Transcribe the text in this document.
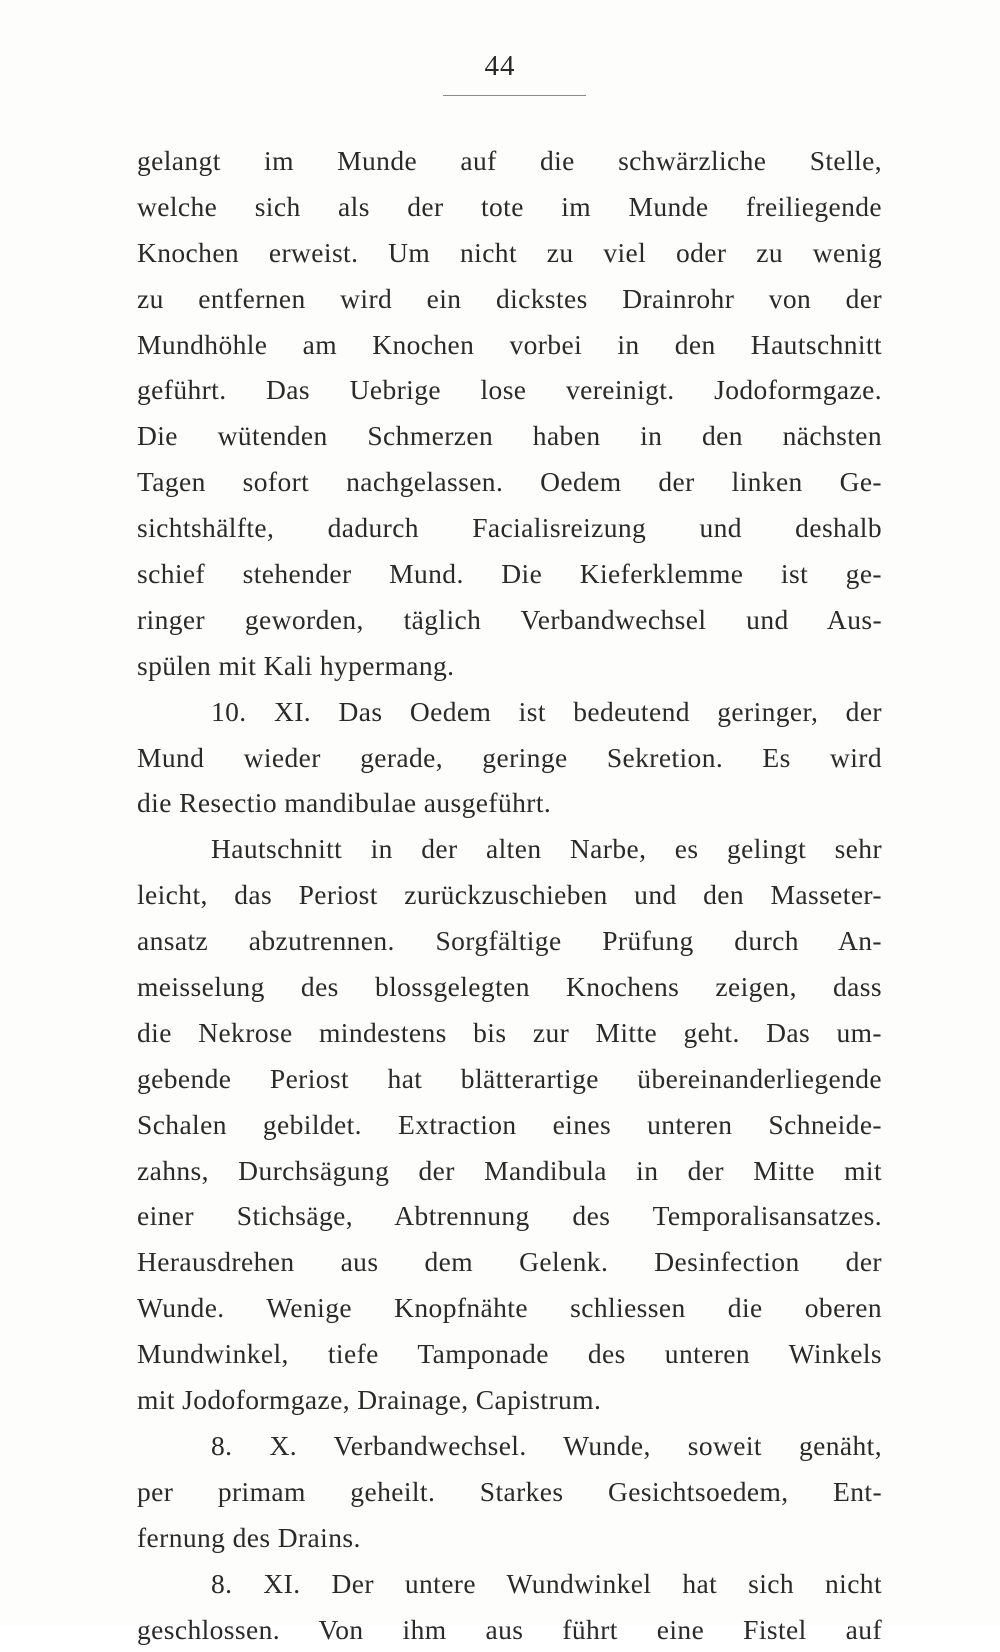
44
gelangt im Munde auf die schwärzliche Stelle,
welche sich als der tote im Munde freiliegende
Knochen erweist. Um nicht zu viel oder zu wenig
zu entfernen wird ein dickstes Drainrohr von der
Mundhöhle am Knochen vorbei in den Hautschnitt
geführt. Das Uebrige lose vereinigt. Jodoformgaze.
Die wütenden Schmerzen haben in den nächsten
Tagen sofort nachgelassen. Oedem der linken Ge-
sichtshälfte, dadurch Facialisreizung und deshalb
schief stehender Mund. Die Kieferklemme ist ge-
ringer geworden, täglich Verbandwechsel und Aus-
spülen mit Kali hypermang.
10. XI. Das Oedem ist bedeutend geringer, der
Mund wieder gerade, geringe Sekretion. Es wird
die Resectio mandibulae ausgeführt.
Hautschnitt in der alten Narbe, es gelingt sehr
leicht, das Periost zurückzuschieben und den Masseter-
ansatz abzutrennen. Sorgfältige Prüfung durch An-
meisselung des blossgelegten Knochens zeigen, dass
die Nekrose mindestens bis zur Mitte geht. Das um-
gebende Periost hat blätterartige übereinanderliegende
Schalen gebildet. Extraction eines unteren Schneide-
zahns, Durchsägung der Mandibula in der Mitte mit
einer Stichsäge, Abtrennung des Temporalisansatzes.
Herausdrehen aus dem Gelenk. Desinfection der
Wunde. Wenige Knopfnähte schliessen die oberen
Mundwinkel, tiefe Tamponade des unteren Winkels
mit Jodoformgaze, Drainage, Capistrum.
8. X. Verbandwechsel. Wunde, soweit genäht,
per primam geheilt. Starkes Gesichtsoedem, Ent-
fernung des Drains.
8. XI. Der untere Wundwinkel hat sich nicht
geschlossen. Von ihm aus führt eine Fistel auf
